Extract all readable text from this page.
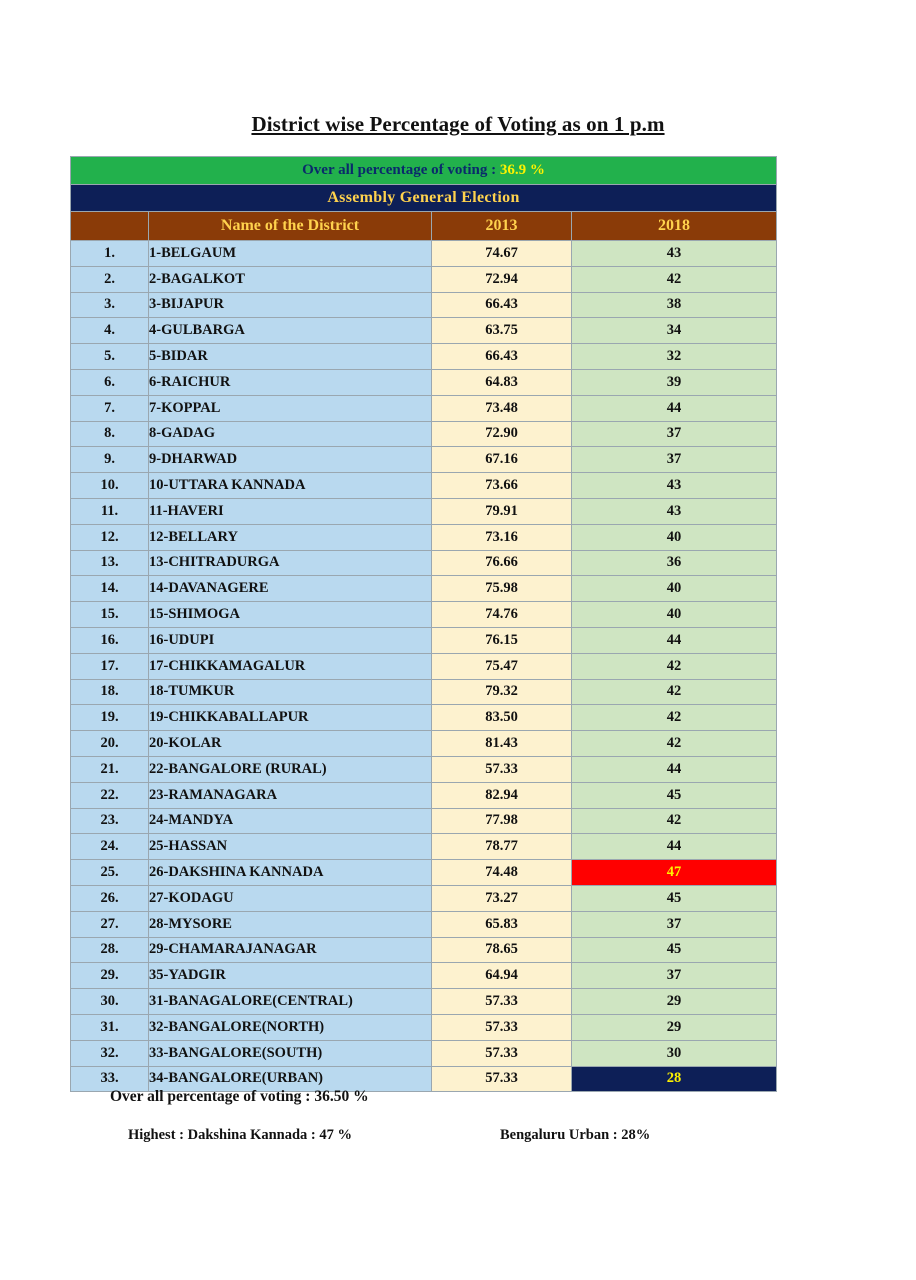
District wise Percentage of Voting as on 1 p.m
Over all percentage of voting : 36.9 %			
Assembly General Election			
	Name of the District	2013	2018
1.	1-BELGAUM	74.67	43
2.	2-BAGALKOT	72.94	42
3.	3-BIJAPUR	66.43	38
4.	4-GULBARGA	63.75	34
5.	5-BIDAR	66.43	32
6.	6-RAICHUR	64.83	39
7.	7-KOPPAL	73.48	44
8.	8-GADAG	72.90	37
9.	9-DHARWAD	67.16	37
10.	10-UTTARA KANNADA	73.66	43
11.	11-HAVERI	79.91	43
12.	12-BELLARY	73.16	40
13.	13-CHITRADURGA	76.66	36
14.	14-DAVANAGERE	75.98	40
15.	15-SHIMOGA	74.76	40
16.	16-UDUPI	76.15	44
17.	17-CHIKKAMAGALUR	75.47	42
18.	18-TUMKUR	79.32	42
19.	19-CHIKKABALLAPUR	83.50	42
20.	20-KOLAR	81.43	42
21.	22-BANGALORE (RURAL)	57.33	44
22.	23-RAMANAGARA	82.94	45
23.	24-MANDYA	77.98	42
24.	25-HASSAN	78.77	44
25.	26-DAKSHINA KANNADA	74.48	47
26.	27-KODAGU	73.27	45
27.	28-MYSORE	65.83	37
28.	29-CHAMARAJANAGAR	78.65	45
29.	35-YADGIR	64.94	37
30.	31-BANAGALORE(CENTRAL)	57.33	29
31.	32-BANGALORE(NORTH)	57.33	29
32.	33-BANGALORE(SOUTH)	57.33	30
33.	34-BANGALORE(URBAN)	57.33	28
Over all percentage of voting : 36.50 %
Highest : Dakshina Kannada : 47 %	Bengaluru Urban : 28%
